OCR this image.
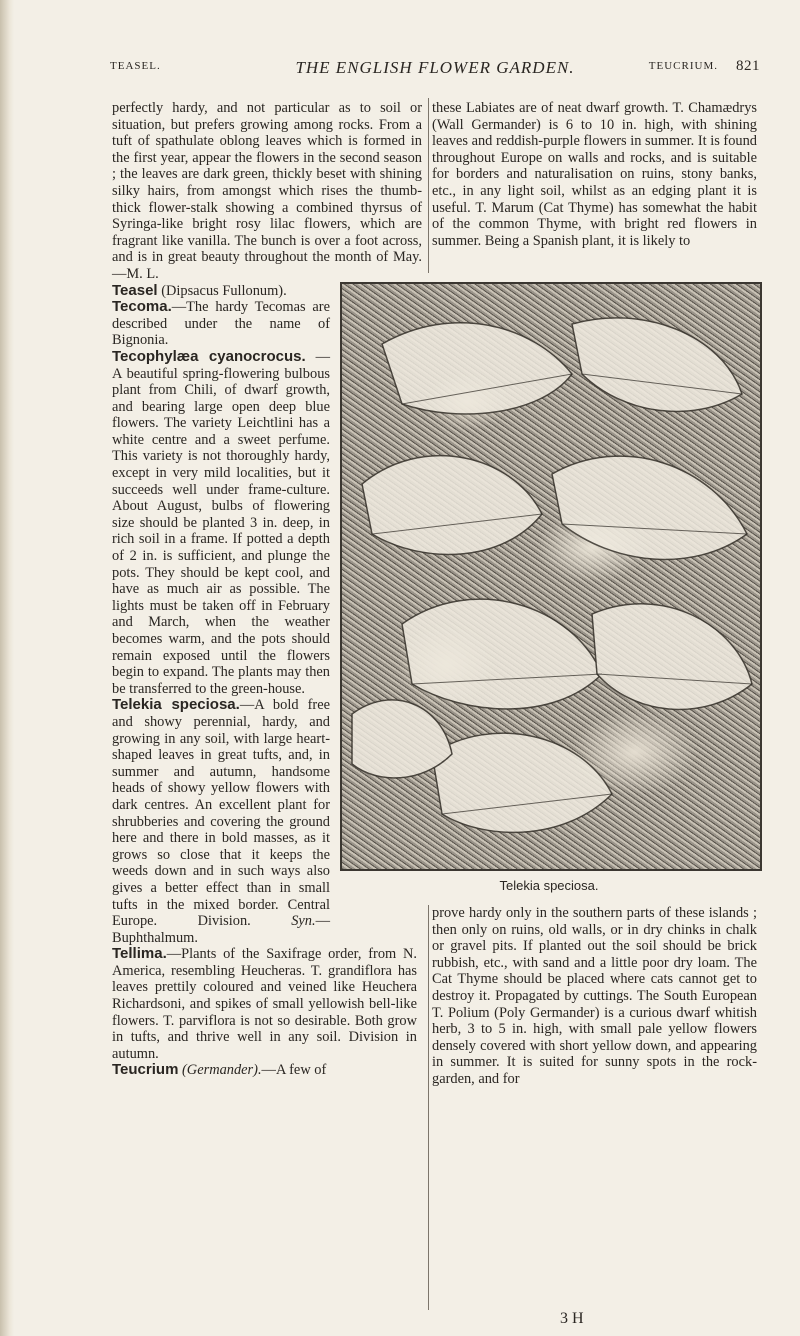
TEASEL.	THE ENGLISH FLOWER GARDEN.	TEUCRIUM. 821

perfectly hardy, and not particular as to soil or situation, but prefers growing among rocks. From a tuft of spathulate oblong leaves which is formed in the first year, appear the flowers in the second season ; the leaves are dark green, thickly beset with shining silky hairs, from amongst which rises the thumb-thick flower-stalk showing a combined thyrsus of Syringa-like bright rosy lilac flowers, which are fragrant like vanilla. The bunch is over a foot across, and is in great beauty throughout the month of May.—M. L.

Teasel (Dipsacus Fullonum).

Tecoma.—The hardy Tecomas are described under the name of Bignonia.

Tecophylæa cyanocrocus. — A beautiful spring-flowering bulbous plant from Chili, of dwarf growth, and bearing large open deep blue flowers. The variety Leichtlini has a white centre and a sweet perfume. This variety is not thoroughly hardy, except in very mild localities, but it succeeds well under frame-culture. About August, bulbs of flowering size should be planted 3 in. deep, in rich soil in a frame. If potted a depth of 2 in. is sufficient, and plunge the pots. They should be kept cool, and have as much air as possible. The lights must be taken off in February and March, when the weather becomes warm, and the pots should remain exposed until the flowers begin to expand. The plants may then be transferred to the green-house.

Telekia speciosa.—A bold free and showy perennial, hardy, and growing in any soil, with large heart-shaped leaves in great tufts, and, in summer and autumn, handsome heads of showy yellow flowers with dark centres. An excellent plant for shrubberies and covering the ground here and there in bold masses, as it grows so close that it keeps the weeds down and in such ways also gives a better effect than in small tufts in the mixed border. Central Europe. Division. Syn.— Buphthalmum.

Tellima.—Plants of the Saxifrage order, from N. America, resembling Heucheras. T. grandiflora has leaves prettily coloured and veined like Heuchera Richardsoni, and spikes of small yellowish bell-like flowers. T. parviflora is not so desirable. Both grow in tufts, and thrive well in any soil. Division in autumn.

Teucrium (Germander).—A few of

these Labiates are of neat dwarf growth. T. Chamædrys (Wall Germander) is 6 to 10 in. high, with shining leaves and reddish-purple flowers in summer. It is found throughout Europe on walls and rocks, and is suitable for borders and naturalisation on ruins, stony banks, etc., in any light soil, whilst as an edging plant it is useful. T. Marum (Cat Thyme) has somewhat the habit of the common Thyme, with bright red flowers in summer. Being a Spanish plant, it is likely to

Telekia speciosa.

prove hardy only in the southern parts of these islands ; then only on ruins, old walls, or in dry chinks in chalk or gravel pits. If planted out the soil should be brick rubbish, etc., with sand and a little poor dry loam. The Cat Thyme should be placed where cats cannot get to destroy it. Propagated by cuttings. The South European T. Polium (Poly Germander) is a curious dwarf whitish herb, 3 to 5 in. high, with small pale yellow flowers densely covered with short yellow down, and appearing in summer. It is suited for sunny spots in the rock-garden, and for

3 H
